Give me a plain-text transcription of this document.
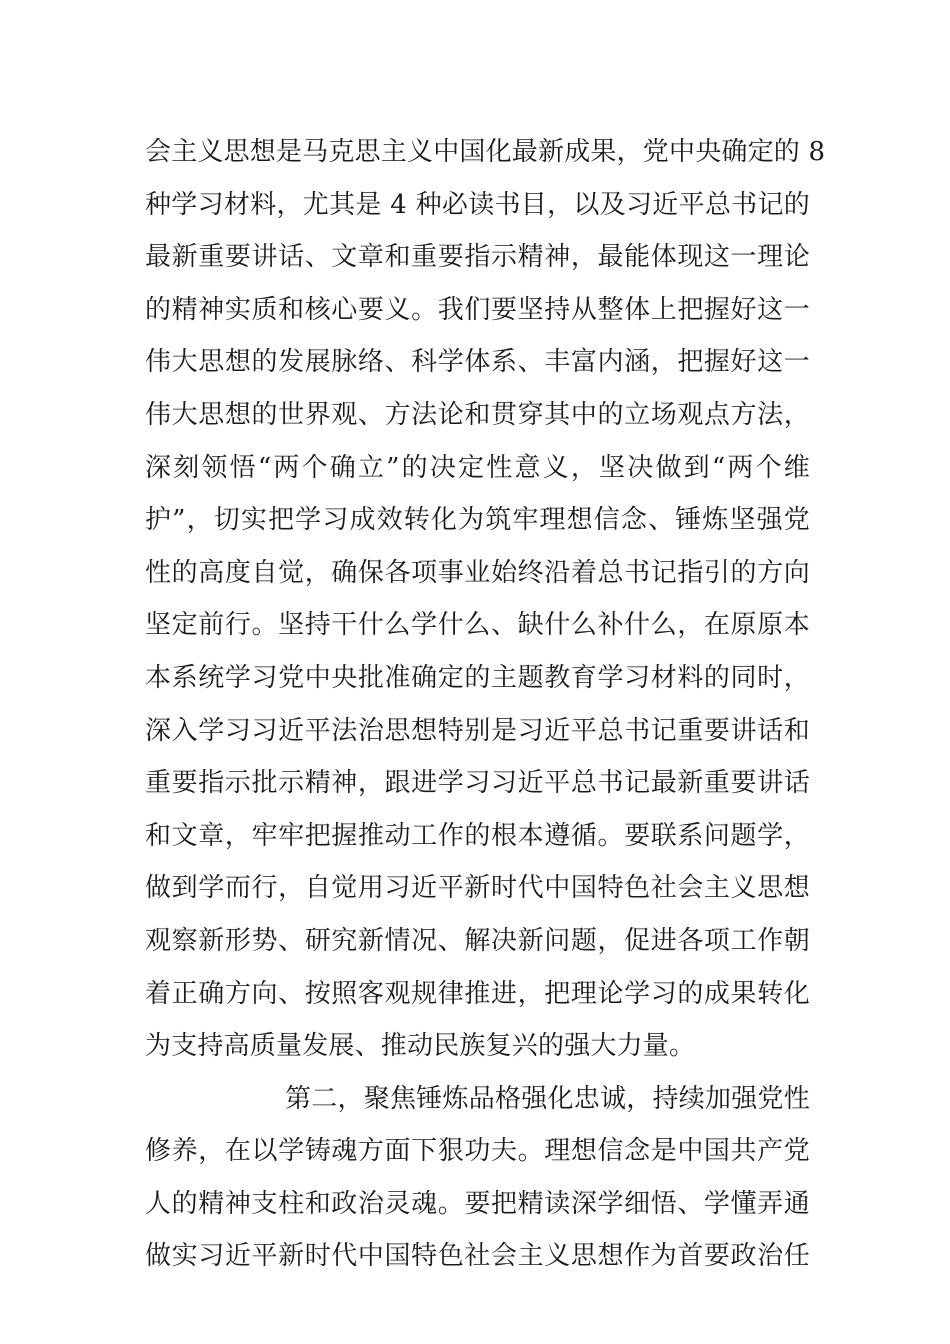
会主义思想是马克思主义中国化最新成果，党中央确定的 8
种学习材料，尤其是 4 种必读书目，以及习近平总书记的
最新重要讲话、文章和重要指示精神，最能体现这一理论
的精神实质和核心要义。我们要坚持从整体上把握好这一
伟大思想的发展脉络、科学体系、丰富内涵，把握好这一
伟大思想的世界观、方法论和贯穿其中的立场观点方法，
深刻领悟“两个确立”的决定性意义，坚决做到“两个维
护”，切实把学习成效转化为筑牢理想信念、锤炼坚强党
性的高度自觉，确保各项事业始终沿着总书记指引的方向
坚定前行。坚持干什么学什么、缺什么补什么，在原原本
本系统学习党中央批准确定的主题教育学习材料的同时，
深入学习习近平法治思想特别是习近平总书记重要讲话和
重要指示批示精神，跟进学习习近平总书记最新重要讲话
和文章，牢牢把握推动工作的根本遵循。要联系问题学，
做到学而行，自觉用习近平新时代中国特色社会主义思想
观察新形势、研究新情况、解决新问题，促进各项工作朝
着正确方向、按照客观规律推进，把理论学习的成果转化
为支持高质量发展、推动民族复兴的强大力量。
第二，聚焦锤炼品格强化忠诚，持续加强党性
修养，在以学铸魂方面下狠功夫。理想信念是中国共产党
人的精神支柱和政治灵魂。要把精读深学细悟、学懂弄通
做实习近平新时代中国特色社会主义思想作为首要政治任
